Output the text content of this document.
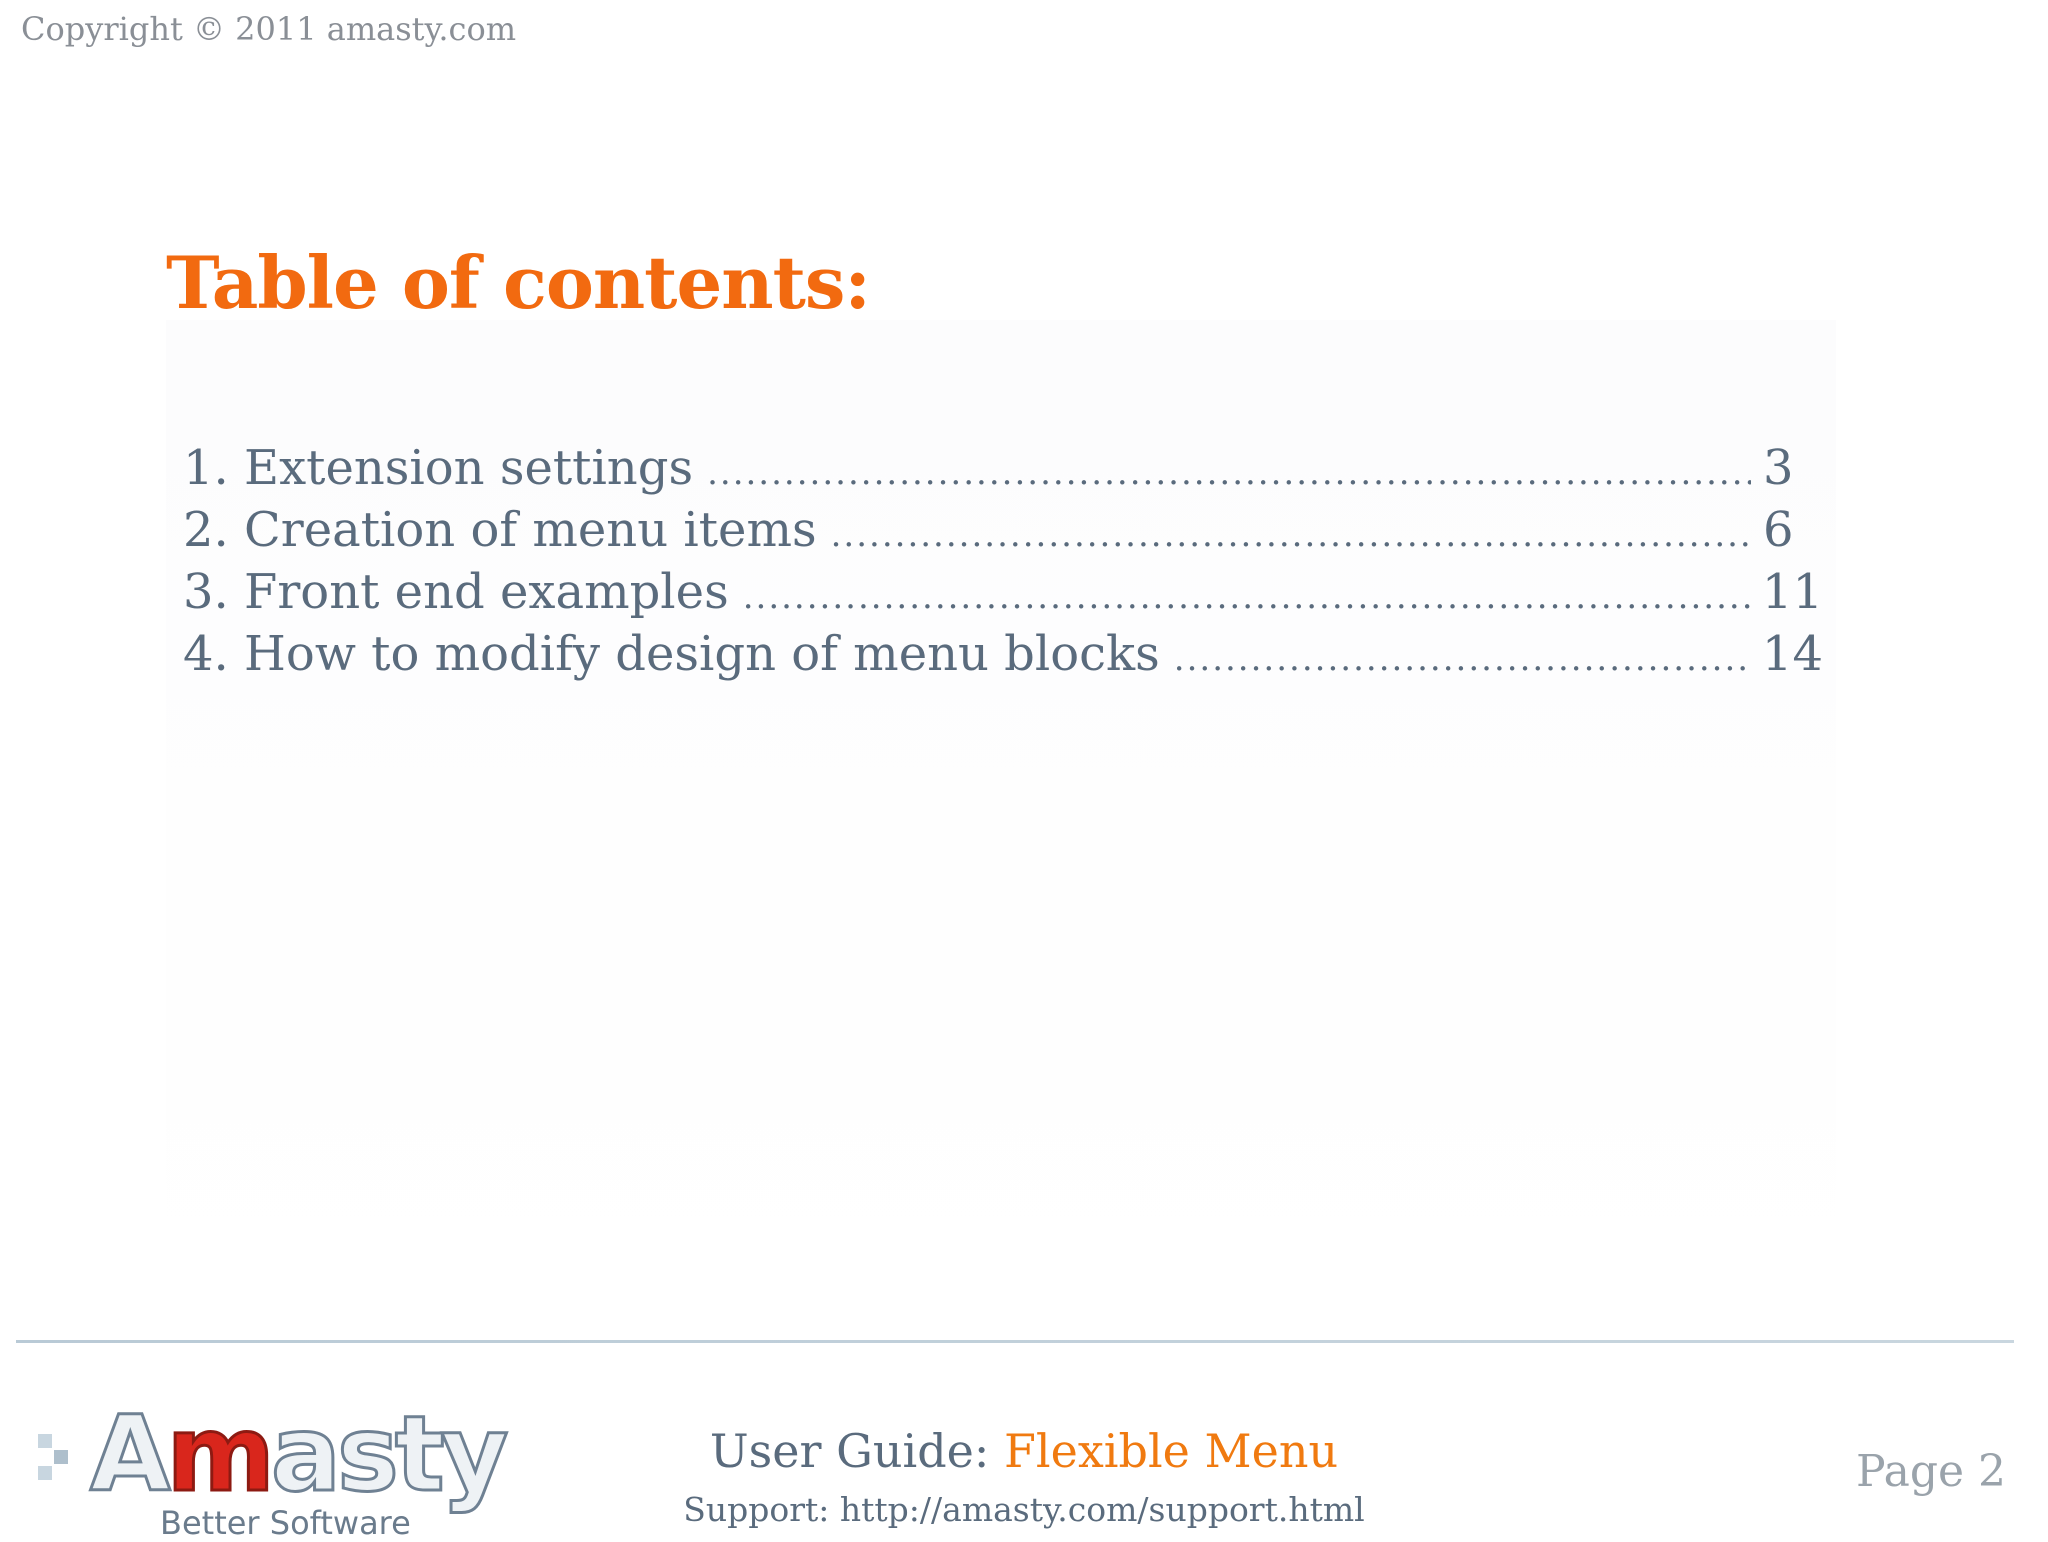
Copyright © 2011 amasty.com
Table of contents:
1. Extension settings .....	3
2. Creation of menu items .....	6
3. Front end examples .....	11
4. How to modify design of menu blocks .....	14
Amasty
Better Software
User Guide: Flexible Menu
Support: http://amasty.com/support.html
Page 2
